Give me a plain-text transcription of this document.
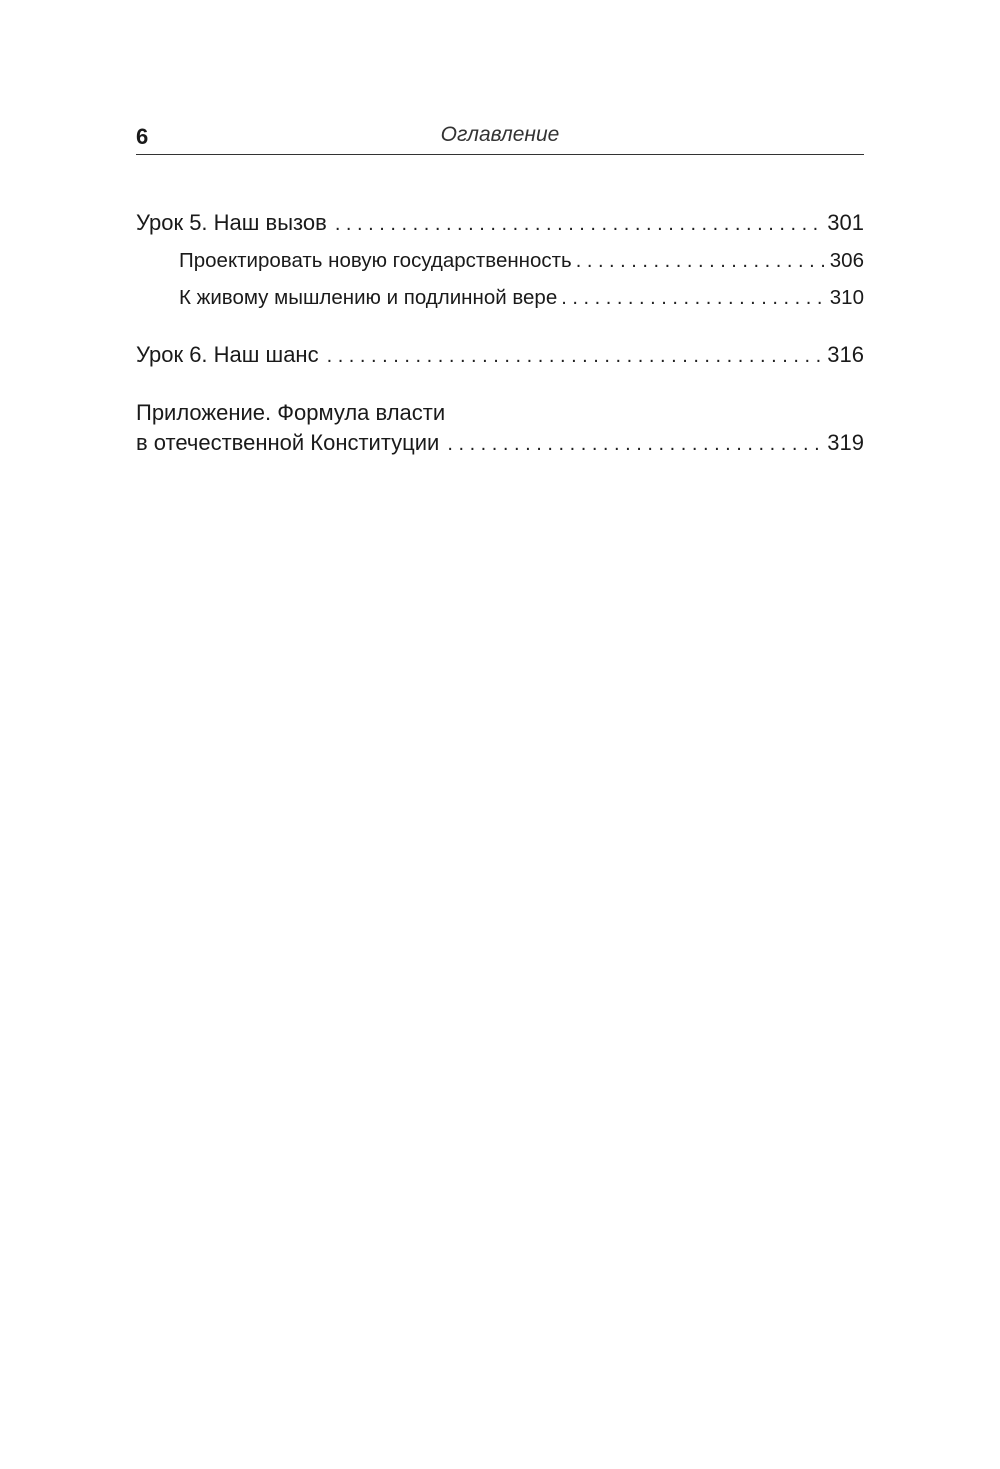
6	Оглавление
Урок 5. Наш вызов . . .	301
Проектировать новую государственность . . .	306
К живому мышлению и подлинной вере . . .	310
Урок 6. Наш шанс . . .	316
Приложение. Формула власти
в отечественной Конституции . . .	319
